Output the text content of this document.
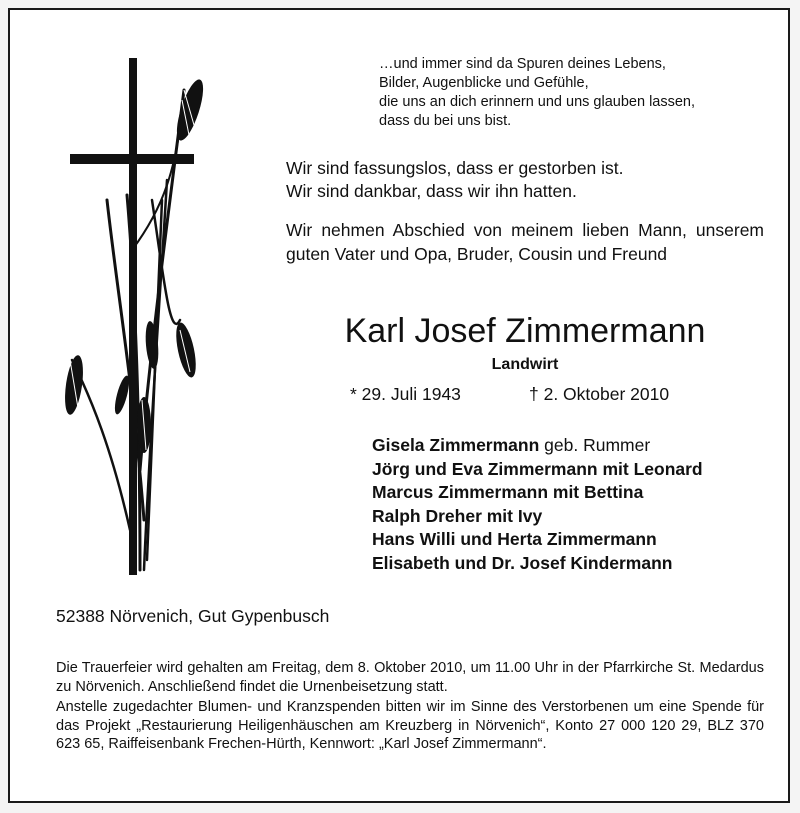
…und immer sind da Spuren deines Lebens,
Bilder, Augenblicke und Gefühle,
die uns an dich erinnern und uns glauben lassen,
dass du bei uns bist.
Wir sind fassungslos, dass er gestorben ist.
Wir sind dankbar, dass wir ihn hatten.
Wir nehmen Abschied von meinem lieben Mann, unserem guten Vater und Opa, Bruder, Cousin und Freund
Karl Josef Zimmermann
Landwirt
* 29. Juli 1943	† 2. Oktober 2010
Gisela Zimmermann geb. Rummer
Jörg und Eva Zimmermann mit Leonard
Marcus Zimmermann mit Bettina
Ralph Dreher mit Ivy
Hans Willi und Herta Zimmermann
Elisabeth und Dr. Josef Kindermann
52388 Nörvenich, Gut Gypenbusch
Die Trauerfeier wird gehalten am Freitag, dem 8. Oktober 2010, um 11.00 Uhr in der Pfarrkirche St. Medardus zu Nörvenich. Anschließend findet die Urnenbeisetzung statt.
Anstelle zugedachter Blumen- und Kranzspenden bitten wir im Sinne des Verstorbenen um eine Spende für das Projekt „Restaurierung Heiligenhäuschen am Kreuzberg in Nörvenich“, Konto 27 000 120 29, BLZ 370 623 65, Raiffeisenbank Frechen-Hürth, Kennwort: „Karl Josef Zimmermann“.
